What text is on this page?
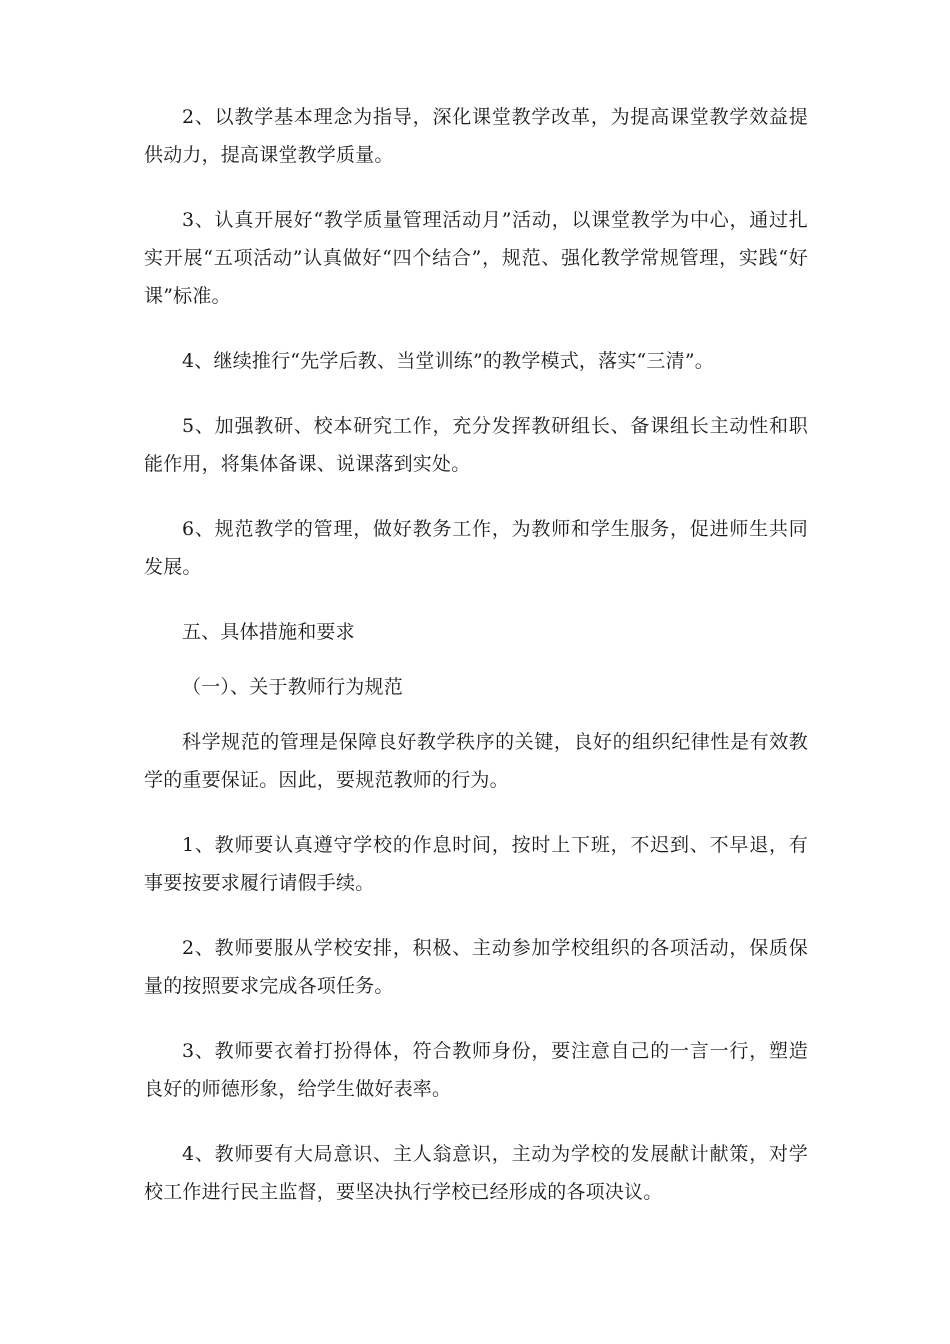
2、以教学基本理念为指导，深化课堂教学改革，为提高课堂教学效益提供动力，提高课堂教学质量。

3、认真开展好“教学质量管理活动月”活动，以课堂教学为中心，通过扎实开展“五项活动”认真做好“四个结合”，规范、强化教学常规管理，实践“好课”标准。

4、继续推行“先学后教、当堂训练”的教学模式，落实“三清”。

5、加强教研、校本研究工作，充分发挥教研组长、备课组长主动性和职能作用，将集体备课、说课落到实处。

6、规范教学的管理，做好教务工作，为教师和学生服务，促进师生共同发展。

五、具体措施和要求

（一）、关于教师行为规范

科学规范的管理是保障良好教学秩序的关键，良好的组织纪律性是有效教学的重要保证。因此，要规范教师的行为。

1、教师要认真遵守学校的作息时间，按时上下班，不迟到、不早退，有事要按要求履行请假手续。

2、教师要服从学校安排，积极、主动参加学校组织的各项活动，保质保量的按照要求完成各项任务。

3、教师要衣着打扮得体，符合教师身份，要注意自己的一言一行，塑造良好的师德形象，给学生做好表率。

4、教师要有大局意识、主人翁意识，主动为学校的发展献计献策，对学校工作进行民主监督，要坚决执行学校已经形成的各项决议。
